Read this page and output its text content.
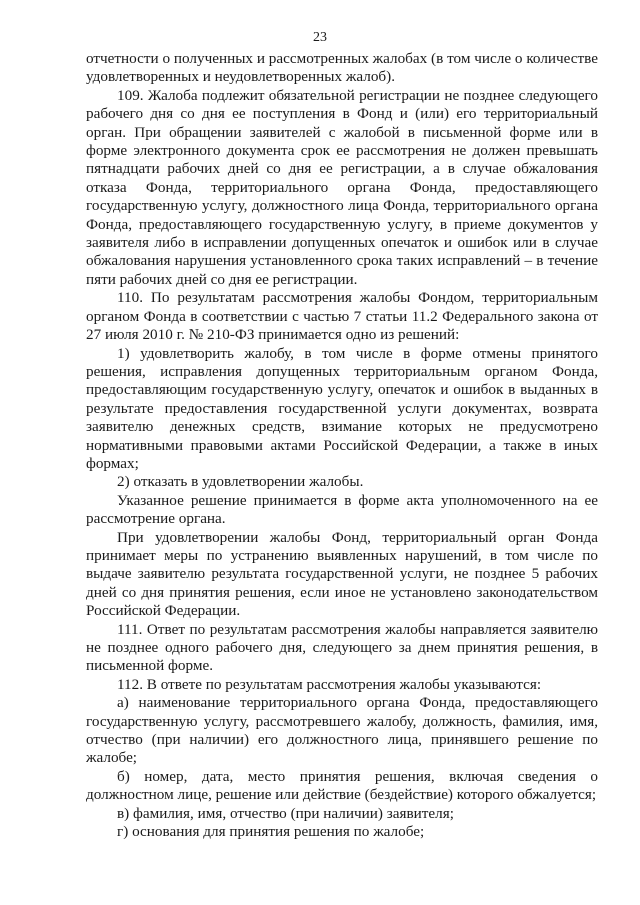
23

отчетности о полученных и рассмотренных жалобах (в том числе о количестве удовлетворенных и неудовлетворенных жалоб).

109. Жалоба подлежит обязательной регистрации не позднее следующего рабочего дня со дня ее поступления в Фонд и (или) его территориальный орган. При обращении заявителей с жалобой в письменной форме или в форме электронного документа срок ее рассмотрения не должен превышать пятнадцати рабочих дней со дня ее регистрации, а в случае обжалования отказа Фонда, территориального органа Фонда, предоставляющего государственную услугу, должностного лица Фонда, территориального органа Фонда, предоставляющего государственную услугу, в приеме документов у заявителя либо в исправлении допущенных опечаток и ошибок или в случае обжалования нарушения установленного срока таких исправлений – в течение пяти рабочих дней со дня ее регистрации.

110. По результатам рассмотрения жалобы Фондом, территориальным органом Фонда в соответствии с частью 7 статьи 11.2 Федерального закона от 27 июля 2010 г. № 210-ФЗ принимается одно из решений:

1) удовлетворить жалобу, в том числе в форме отмены принятого решения, исправления допущенных территориальным органом Фонда, предоставляющим государственную услугу, опечаток и ошибок в выданных в результате предоставления государственной услуги документах, возврата заявителю денежных средств, взимание которых не предусмотрено нормативными правовыми актами Российской Федерации, а также в иных формах;

2) отказать в удовлетворении жалобы.

Указанное решение принимается в форме акта уполномоченного на ее рассмотрение органа.

При удовлетворении жалобы Фонд, территориальный орган Фонда принимает меры по устранению выявленных нарушений, в том числе по выдаче заявителю результата государственной услуги, не позднее 5 рабочих дней со дня принятия решения, если иное не установлено законодательством Российской Федерации.

111. Ответ по результатам рассмотрения жалобы направляется заявителю не позднее одного рабочего дня, следующего за днем принятия решения, в письменной форме.

112. В ответе по результатам рассмотрения жалобы указываются:

а) наименование территориального органа Фонда, предоставляющего государственную услугу, рассмотревшего жалобу, должность, фамилия, имя, отчество (при наличии) его должностного лица, принявшего решение по жалобе;

б) номер, дата, место принятия решения, включая сведения о должностном лице, решение или действие (бездействие) которого обжалуется;

в) фамилия, имя, отчество (при наличии) заявителя;

г) основания для принятия решения по жалобе;
